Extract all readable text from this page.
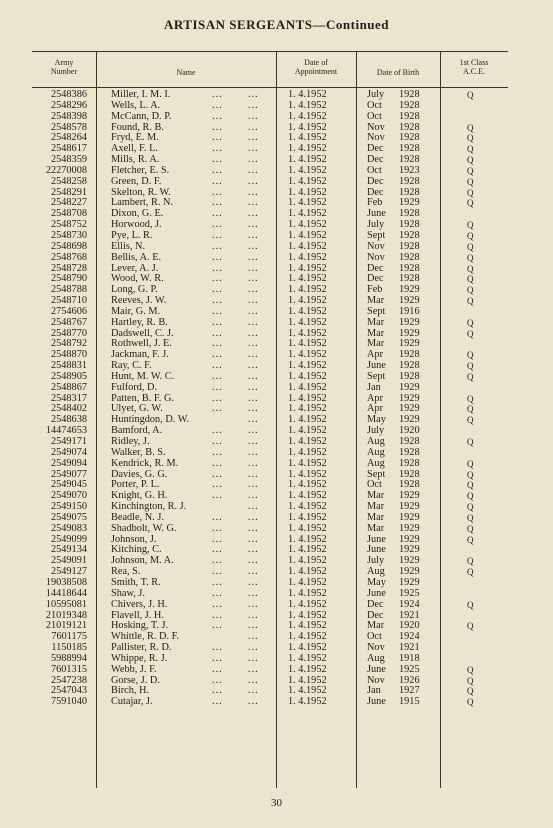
ARTISAN SERGEANTS—Continued
Army
Number	Name
Date of
Appointment	Date of Birth
1st Class
A.C.E.
2548386 Miller, I. M. I.	... ...	1. 4.1952	July 1928	Q
2548296 Wells, L. A.	... ...	1. 4.1952	Oct 1928
2548398 McCann, D. P.	... ...	1. 4.1952	Oct 1928
2548578 Found, R. B.	... ...	1. 4.1952	Nov 1928	Q
2548264 Fryd, E. M.	... ...	1. 4.1952	Nov 1928	Q
2548617 Axell, F. L.	... ...	1. 4.1952	Dec 1928	Q
2548359 Mills, R. A.	... ...	1. 4.1952	Dec 1928	Q
22270008 Fletcher, E. S.	... ...	1. 4.1952	Oct 1923	Q
2548258 Green, D. F.	... ...	1. 4.1952	Dec 1928	Q
2548291 Skelton, R. W.	... ...	1. 4.1952	Dec 1928	Q
2548227 Lambert, R. N.	... ...	1. 4.1952	Feb 1929	Q
2548708 Dixon, G. E.	... ...	1. 4.1952	June 1928
2548752 Horwood, J.	... ...	1. 4.1952	July 1928	Q
2548730 Pye, L. R.	... ...	1. 4.1952	Sept 1928	Q
2548698 Ellis, N.	... ...	1. 4.1952	Nov 1928	Q
2548768 Bellis, A. E.	... ...	1. 4.1952	Nov 1928	Q
2548728 Lever, A. J.	... ...	1. 4.1952	Dec 1928	Q
2548790 Wood, W. R.	... ...	1. 4.1952	Dec 1928	Q
2548788 Long, G. P.	... ...	1. 4.1952	Feb 1929	Q
2548710 Reeves, J. W.	... ...	1. 4.1952	Mar 1929	Q
2754606 Mair, G. M.	... ...	1. 4.1952	Sept 1916
2548767 Hartley, R. B.	... ...	1. 4.1952	Mar 1929	Q
2548770 Dadswell, C. J.	... ...	1. 4.1952	Mar 1929	Q
2548792 Rothwell, J. E.	... ...	1. 4.1952	Mar 1929
2548870 Jackman, F. J.	... ...	1. 4.1952	Apr 1928	Q
2548831 Ray, C. F.	... ...	1. 4.1952	June 1928	Q
2548905 Hunt, M. W. C.	... ...	1. 4.1952	Sept 1928	Q
2548867 Fulford, D.	... ...	1. 4.1952	Jan 1929
2548317 Patten, B. F. G.	... ...	1. 4.1952	Apr 1929	Q
2548402 Ulyet, G. W.	... ...	1. 4.1952	Apr 1929	Q
2548638 Huntingdon, D. W.	...	1. 4.1952	May 1929	Q
14474653 Bamford, A.	... ...	1. 4.1952	July 1920
2549171 Ridley, J.	... ...	1. 4.1952	Aug 1928	Q
2549074 Walker, B. S.	... ...	1. 4.1952	Aug 1928
2549094 Kendrick, R. M.	... ...	1. 4.1952	Aug 1928	Q
2549077 Davies, G. G.	... ...	1. 4.1952	Sept 1928	Q
2549045 Porter, P. L.	... ...	1. 4.1952	Oct 1928	Q
2549070 Knight, G. H.	... ...	1. 4.1952	Mar 1929	Q
2549150 Kinchington, R. J.	...	1. 4.1952	Mar 1929	Q
2549075 Beadle, N. J.	... ...	1. 4.1952	Mar 1929	Q
2549083 Shadbolt, W. G.	... ...	1. 4.1952	Mar 1929	Q
2549099 Johnson, J.	... ...	1. 4.1952	June 1929	Q
2549134 Kitching, C.	... ...	1. 4.1952	June 1929
2549091 Johnson, M. A.	... ...	1. 4.1952	July 1929	Q
2549127 Rea, S.	... ...	1. 4.1952	Aug 1929	Q
19038508 Smith, T. R.	... ...	1. 4.1952	May 1929
14418644 Shaw, J.	... ...	1. 4.1952	June 1925
10595081 Chivers, J. H.	... ...	1. 4.1952	Dec 1924	Q
21019348 Flavell, J. H.	... ...	1. 4.1952	Dec 1921
21019121 Hosking, T. J.	... ...	1. 4.1952	Mar 1920	Q
7601175 Whittle, R. D. F.	...	1. 4.1952	Oct 1924
1150185 Pallister, R. D.	... ...	1. 4.1952	Nov 1921
5988994 Whippe, R. J.	... ...	1. 4.1952	Aug 1918
7601315 Webb, J. F.	... ...	1. 4.1952	June 1925	Q
2547238 Gorse, J. D.	... ...	1. 4.1952	Nov 1926	Q
2547043 Birch, H.	... ...	1. 4.1952	Jan 1927	Q
7591040 Cutajar, J.	... ...	1. 4.1952	June 1915	Q
30
